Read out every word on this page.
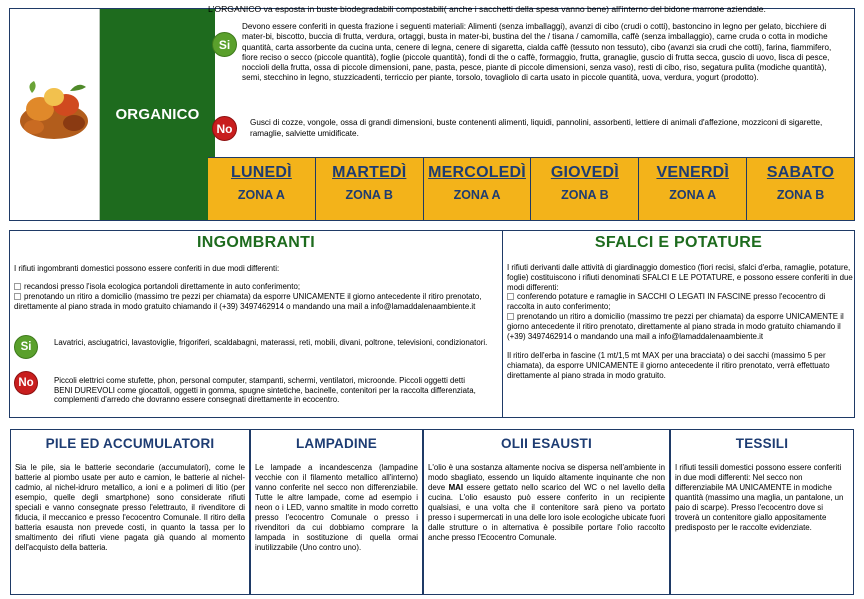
ORGANICO
L'ORGANICO va esposta in buste biodegradabili compostabili( anche i sacchetti della spesa vanno bene) all'interno del bidone marrone aziendale.
Si
Devono essere conferiti in questa frazione i seguenti materiali: Alimenti (senza imballaggi), avanzi di cibo (crudi o cotti), bastoncino in legno per gelato, bicchiere di mater-bi, biscotto, buccia di frutta, verdura, ortaggi, busta in mater-bi, bustina del the / tisana / camomilla, caffè (senza imballaggio), carne cruda o cotta in modiche quantità, carta assorbente da cucina unta, cenere di legna, cenere di sigaretta, cialda caffè (tessuto non tessuto), cibo (avanzi sia crudi che cotti), farina, fiammifero, fiore reciso o secco (piccole quantità), foglie (piccole quantità), fondi di the o caffè, formaggio, frutta, granaglie, guscio di frutta secca, guscio di uovo, lisca di pesce, noccioli della frutta, ossa di piccole dimensioni, pane, pasta, pesce, piante di piccole dimensioni, senza vaso), resti di cibo, riso, segatura pulita (modiche quantità), semi, stecchino in legno, stuzzicadenti, terriccio per piante, torsolo, tovagliolo di carta usato in piccole quantità, uova, verdura, yogurt (prodotto).
No	Gusci di cozze, vongole, ossa di grandi dimensioni, buste contenenti alimenti, liquidi, pannolini, assorbenti, lettiere di animali d'affezione, mozziconi di sigarette, ramaglie, salviette umidificate.
LUNEDÌ
ZONA A
MARTEDÌ
ZONA B
MERCOLEDÌ
ZONA A
GIOVEDÌ
ZONA B
VENERDÌ
ZONA A
SABATO
ZONA B
INGOMBRANTI
I rifiuti ingombranti domestici possono essere conferiti in due modi differenti:
recandosi presso l'isola ecologica portandoli direttamente in auto conferimento;
prenotando un ritiro a domicilio (massimo tre pezzi per chiamata) da esporre UNICAMENTE il giorno antecedente il ritiro prenotato, direttamente al piano strada in modo gratuito chiamando il (+39) 3497462914 o mandando una mail a info@lamaddalenaambiente.it
Si	Lavatrici, asciugatrici, lavastoviglie, frigoriferi, scaldabagni, materassi, reti, mobili, divani, poltrone, televisioni, condizionatori.
No	Piccoli elettrici come stufette, phon, personal computer, stampanti, schermi, ventilatori, microonde. Piccoli oggetti detti BENI DUREVOLI come giocattoli, oggetti in gomma, spugne sintetiche, bacinelle, contenitori per la raccolta differenziata, complementi d'arredo che dovranno essere consegnati direttamente in ecocentro.
SFALCI E POTATURE
I rifiuti derivanti dalle attività di giardinaggio domestico (fiori recisi, sfalci d'erba, ramaglie, potature, foglie) costituiscono i rifiuti denominati SFALCI E LE POTATURE, e possono essere conferiti in due modi differenti:
conferendo potature e ramaglie in SACCHI O LEGATI IN FASCINE presso l'ecocentro di raccolta in auto conferimento;
prenotando un ritiro a domicilio (massimo tre pezzi per chiamata) da esporre UNICAMENTE il giorno antecedente il ritiro prenotato, direttamente al piano strada in modo gratuito chiamando il (+39) 3497462914 o mandando una mail a info@lamaddalenaambiente.it
Il ritiro dell'erba in fascine (1 mt/1,5 mt MAX per una bracciata) o dei sacchi (massimo 5 per chiamata), da esporre UNICAMENTE il giorno antecedente il ritiro prenotato, verrà effettuato direttamente al piano strada in modo gratuito.
PILE ED ACCUMULATORI
Sia le pile, sia le batterie secondarie (accumulatori), come le batterie al piombo usate per auto e camion, le batterie al nichel-cadmio, al nichel-idruro metallico, a ioni e a polimeri di litio (per esempio, quelle degli smartphone) sono considerate rifiuti speciali e vanno consegnate presso l'elettrauto, il rivenditore di fiducia, il meccanico e presso l'ecocentro Comunale. Il ritiro della batteria esausta non prevede costi, in quanto la tassa per lo smaltimento dei rifiuti viene pagata già quando al momento dell'acquisto della batteria.
LAMPADINE
Le lampade a incandescenza (lampadine vecchie con il filamento metallico all'interno) vanno conferite nel secco non differenziabile. Tutte le altre lampade, come ad esempio i neon o i LED, vanno smaltite in modo corretto presso l'ecocentro Comunale o presso i rivenditori da cui dobbiamo comprare la lampada in sostituzione di quella ormai inutilizzabile (Uno contro uno).
OLII ESAUSTI
L'olio è una sostanza altamente nociva se dispersa nell'ambiente in modo sbagliato, essendo un liquido altamente inquinante che non deve MAI essere gettato nello scarico del WC o nel lavello della cucina. L'olio esausto può essere conferito in un recipiente qualsiasi, e una volta che il contenitore sarà pieno va portato presso i supermercati in una delle loro isole ecologiche ubicate fuori dalle strutture o in alternativa è possibile portare l'olio raccolto anche presso l'Ecocentro Comunale.
TESSILI
I rifiuti tessili domestici possono essere conferiti in due modi differenti: Nel secco non differenziabile MA UNICAMENTE in modiche quantità (massimo una maglia, un pantalone, un paio di scarpe). Presso l'ecocentro dove si troverà un contenitore giallo appositamente predisposto per le raccolte evidenziate.
